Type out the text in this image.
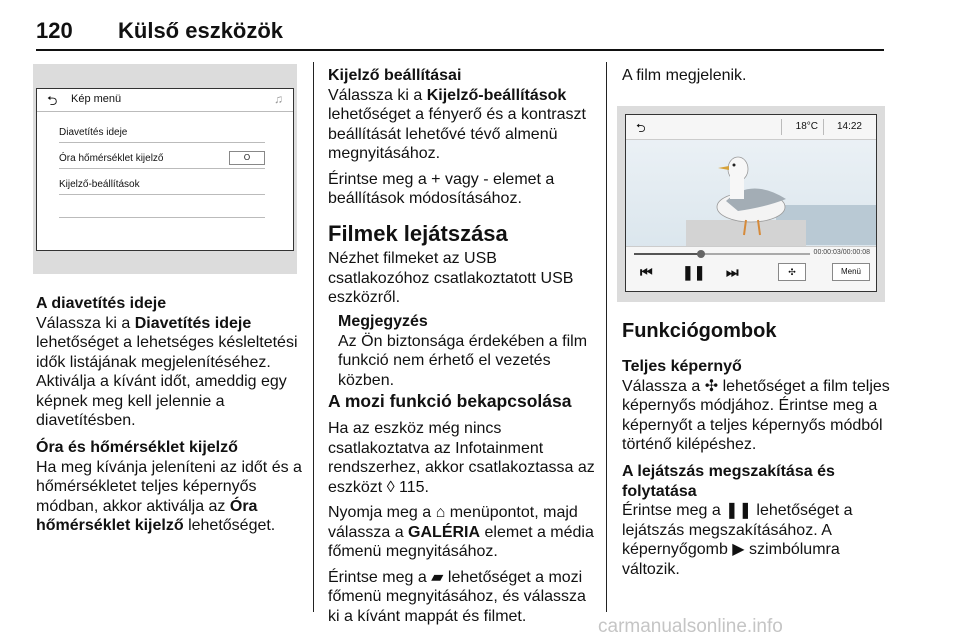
120 Külső eszközök
⮌ Kép menü	♫
Diavetítés ideje
Óra hőmérséklet kijelző	O
Kijelző-beállítások

A diavetítés ideje

Válassza ki a Diavetítés ideje lehetőséget a lehetséges késleltetési idők listájának megjelenítéséhez. Aktiválja a kívánt időt, ameddig egy képnek meg kell jelennie a diavetítésben.

Óra és hőmérséklet kijelző

Ha meg kívánja jeleníteni az időt és a hőmérsékletet teljes képernyős módban, akkor aktiválja az Óra hőmérséklet kijelző lehetőséget.

Kijelző beállításai

Válassza ki a Kijelző-beállítások lehetőséget a fényerő és a kontraszt beállítását lehetővé tévő almenü megnyitásához.

Érintse meg a + vagy - elemet a beállítások módosításához.

Filmek lejátszása
Nézhet filmeket az USB csatlakozóhoz csatlakoztatott USB eszközről.

Megjegyzés

Az Ön biztonsága érdekében a film funkció nem érhető el vezetés közben.

A mozi funkció bekapcsolása

Ha az eszköz még nincs csatlakoztatva az Infotainment rendszerhez, akkor csatlakoztassa az eszközt ◊ 115.

Nyomja meg a ⌂ menüpontot, majd válassza a GALÉRIA elemet a média főmenü megnyitásához.

Érintse meg a ▰ lehetőséget a mozi főmenü megnyitásához, és válassza ki a kívánt mappát és filmet.

A film megjelenik.
⮌	18°C 14:22
00:00:03/00:00:08
⏮ ❚❚ ⏭	✣	Menü
Funkciógombok

Teljes képernyő

Válassza a ✣ lehetőséget a film teljes képernyős módjához. Érintse meg a képernyőt a teljes képernyős módból történő kilépéshez.

A lejátszás megszakítása és folytatása

Érintse meg a ❚❚ lehetőséget a lejátszás megszakításához. A képernyőgomb ▶ szimbólumra változik.

carmanualsonline.info
